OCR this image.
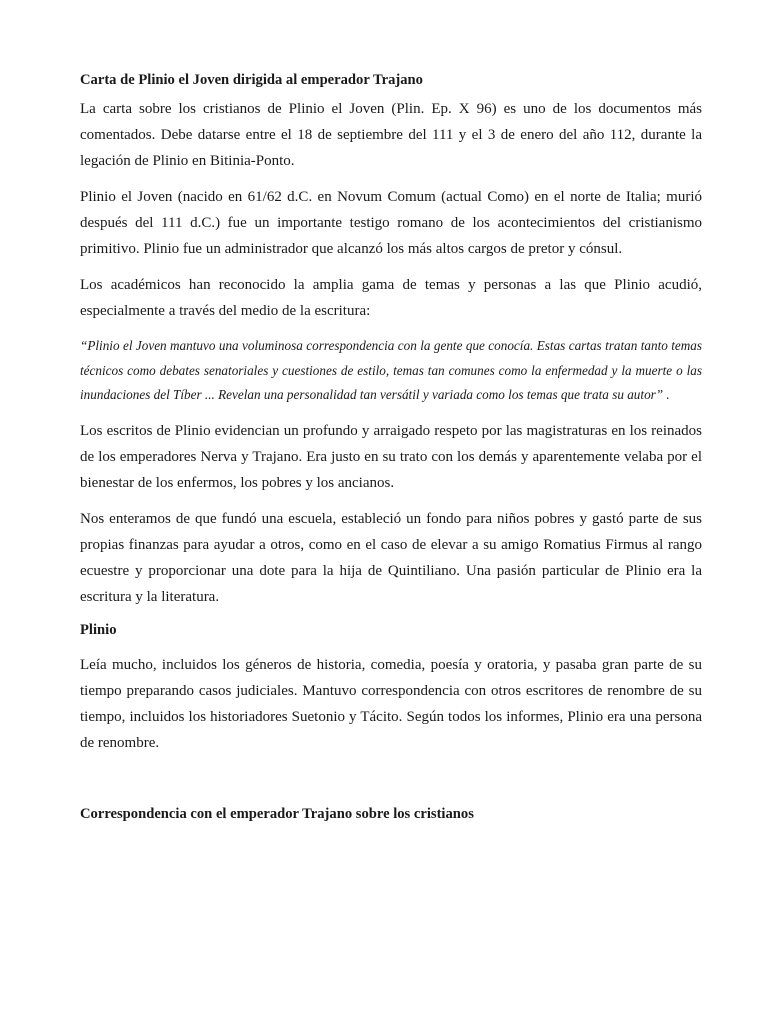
Carta de Plinio el Joven dirigida al emperador Trajano

La carta sobre los cristianos de Plinio el Joven (Plin. Ep. X 96) es uno de los documentos más comentados. Debe datarse entre el 18 de septiembre del 111 y el 3 de enero del año 112, durante la legación de Plinio en Bitinia-Ponto.

Plinio el Joven (nacido en 61/62 d.C. en Novum Comum (actual Como) en el norte de Italia; murió después del 111 d.C.) fue un importante testigo romano de los acontecimientos del cristianismo primitivo. Plinio fue un administrador que alcanzó los más altos cargos de pretor y cónsul.

Los académicos han reconocido la amplia gama de temas y personas a las que Plinio acudió, especialmente a través del medio de la escritura:

“Plinio el Joven mantuvo una voluminosa correspondencia con la gente que conocía. Estas cartas tratan tanto temas técnicos como debates senatoriales y cuestiones de estilo, temas tan comunes como la enfermedad y la muerte o las inundaciones del Tíber ... Revelan una personalidad tan versátil y variada como los temas que trata su autor” .

Los escritos de Plinio evidencian un profundo y arraigado respeto por las magistraturas en los reinados de los emperadores Nerva y Trajano. Era justo en su trato con los demás y aparentemente velaba por el bienestar de los enfermos, los pobres y los ancianos.

Nos enteramos de que fundó una escuela, estableció un fondo para niños pobres y gastó parte de sus propias finanzas para ayudar a otros, como en el caso de elevar a su amigo Romatius Firmus al rango ecuestre y proporcionar una dote para la hija de Quintiliano. Una pasión particular de Plinio era la escritura y la literatura.

Plinio

Leía mucho, incluidos los géneros de historia, comedia, poesía y oratoria, y pasaba gran parte de su tiempo preparando casos judiciales. Mantuvo correspondencia con otros escritores de renombre de su tiempo, incluidos los historiadores Suetonio y Tácito. Según todos los informes, Plinio era una persona de renombre.

Correspondencia con el emperador Trajano sobre los cristianos
